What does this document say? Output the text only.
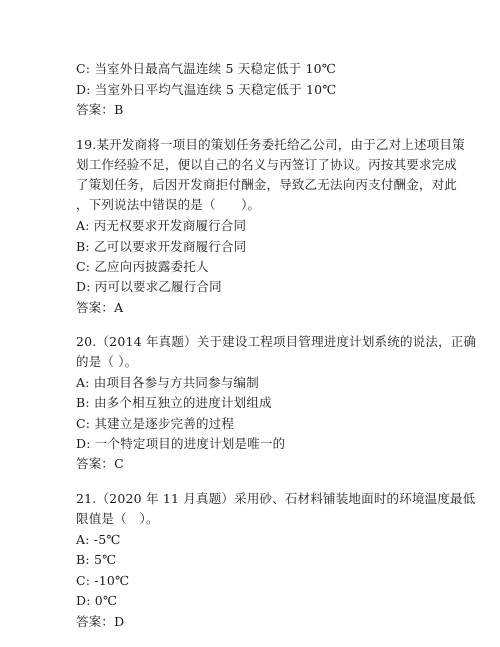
C: 当室外日最高气温连续 5 天稳定低于 10℃
D: 当室外日平均气温连续 5 天稳定低于 10℃
答案：B
19.某开发商将一项目的策划任务委托给乙公司，由于乙对上述项目策
划工作经验不足，便以自己的名义与丙签订了协议。丙按其要求完成
了策划任务，后因开发商拒付酬金，导致乙无法向丙支付酬金，对此
，下列说法中错误的是（　　）。
A: 丙无权要求开发商履行合同
B: 乙可以要求开发商履行合同
C: 乙应向丙披露委托人
D: 丙可以要求乙履行合同
答案：A
20.（2014 年真题）关于建设工程项目管理进度计划系统的说法，正确
的是（ ）。
A: 由项目各参与方共同参与编制
B: 由多个相互独立的进度计划组成
C: 其建立是逐步完善的过程
D: 一个特定项目的进度计划是唯一的
答案：C
21.（2020 年 11 月真题）采用砂、石材料铺装地面时的环境温度最低
限值是（　）。
A: -5℃
B: 5℃
C: -10℃
D: 0℃
答案：D
